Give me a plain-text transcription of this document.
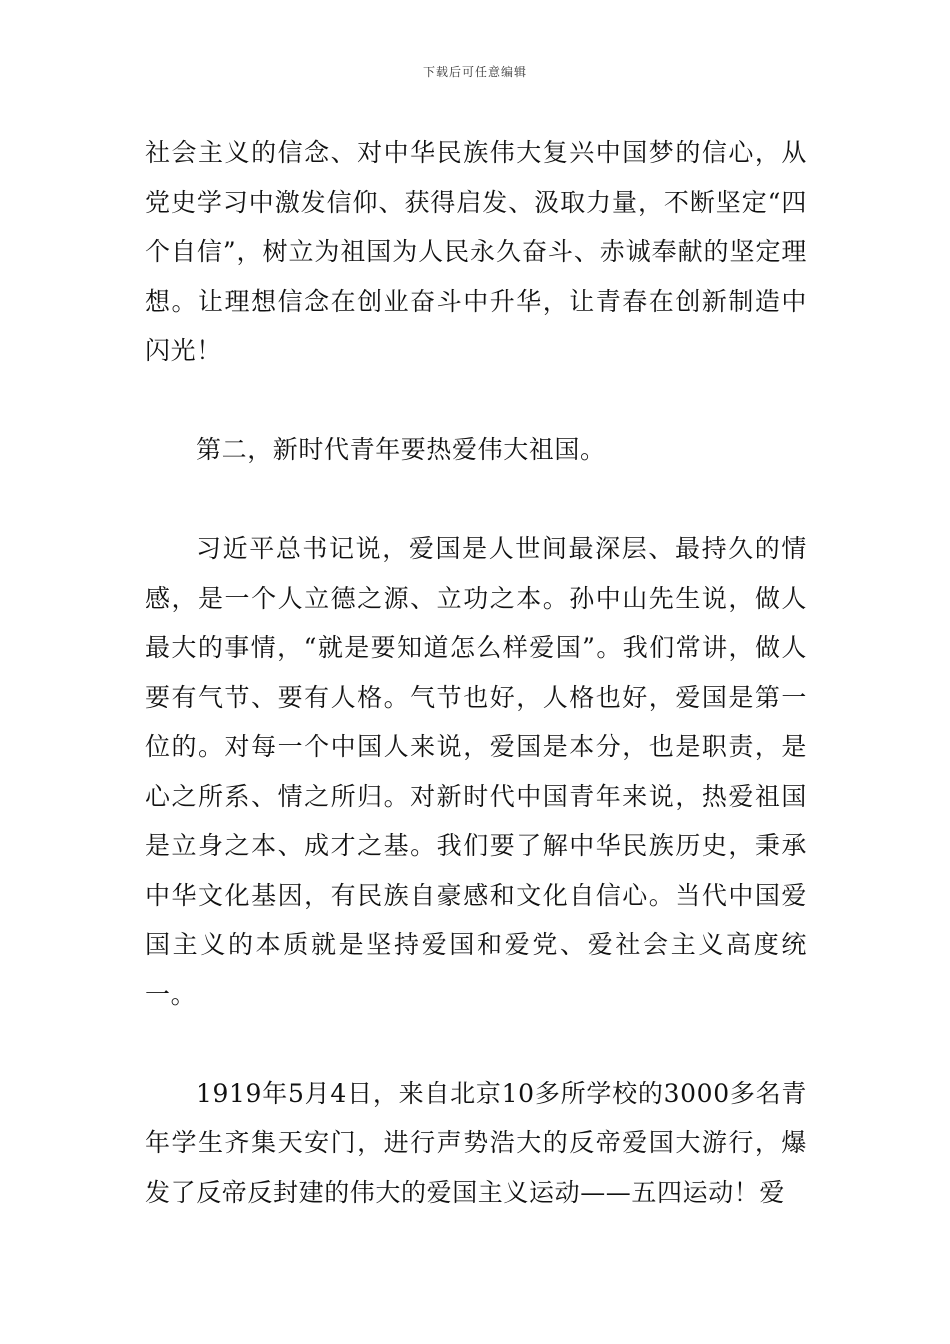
下载后可任意编辑

社会主义的信念、对中华民族伟大复兴中国梦的信心，从党史学习中激发信仰、获得启发、汲取力量，不断坚定“四个自信”，树立为祖国为人民永久奋斗、赤诚奉献的坚定理想。让理想信念在创业奋斗中升华，让青春在创新制造中闪光！

第二，新时代青年要热爱伟大祖国。

习近平总书记说，爱国是人世间最深层、最持久的情感，是一个人立德之源、立功之本。孙中山先生说，做人最大的事情，“就是要知道怎么样爱国”。我们常讲，做人要有气节、要有人格。气节也好，人格也好，爱国是第一位的。对每一个中国人来说，爱国是本分，也是职责，是心之所系、情之所归。对新时代中国青年来说，热爱祖国是立身之本、成才之基。我们要了解中华民族历史，秉承中华文化基因，有民族自豪感和文化自信心。当代中国爱国主义的本质就是坚持爱国和爱党、爱社会主义高度统一。

1919年5月4日，来自北京10多所学校的3000多名青年学生齐集天安门，进行声势浩大的反帝爱国大游行，爆发了反帝反封建的伟大的爱国主义运动——五四运动！爱
